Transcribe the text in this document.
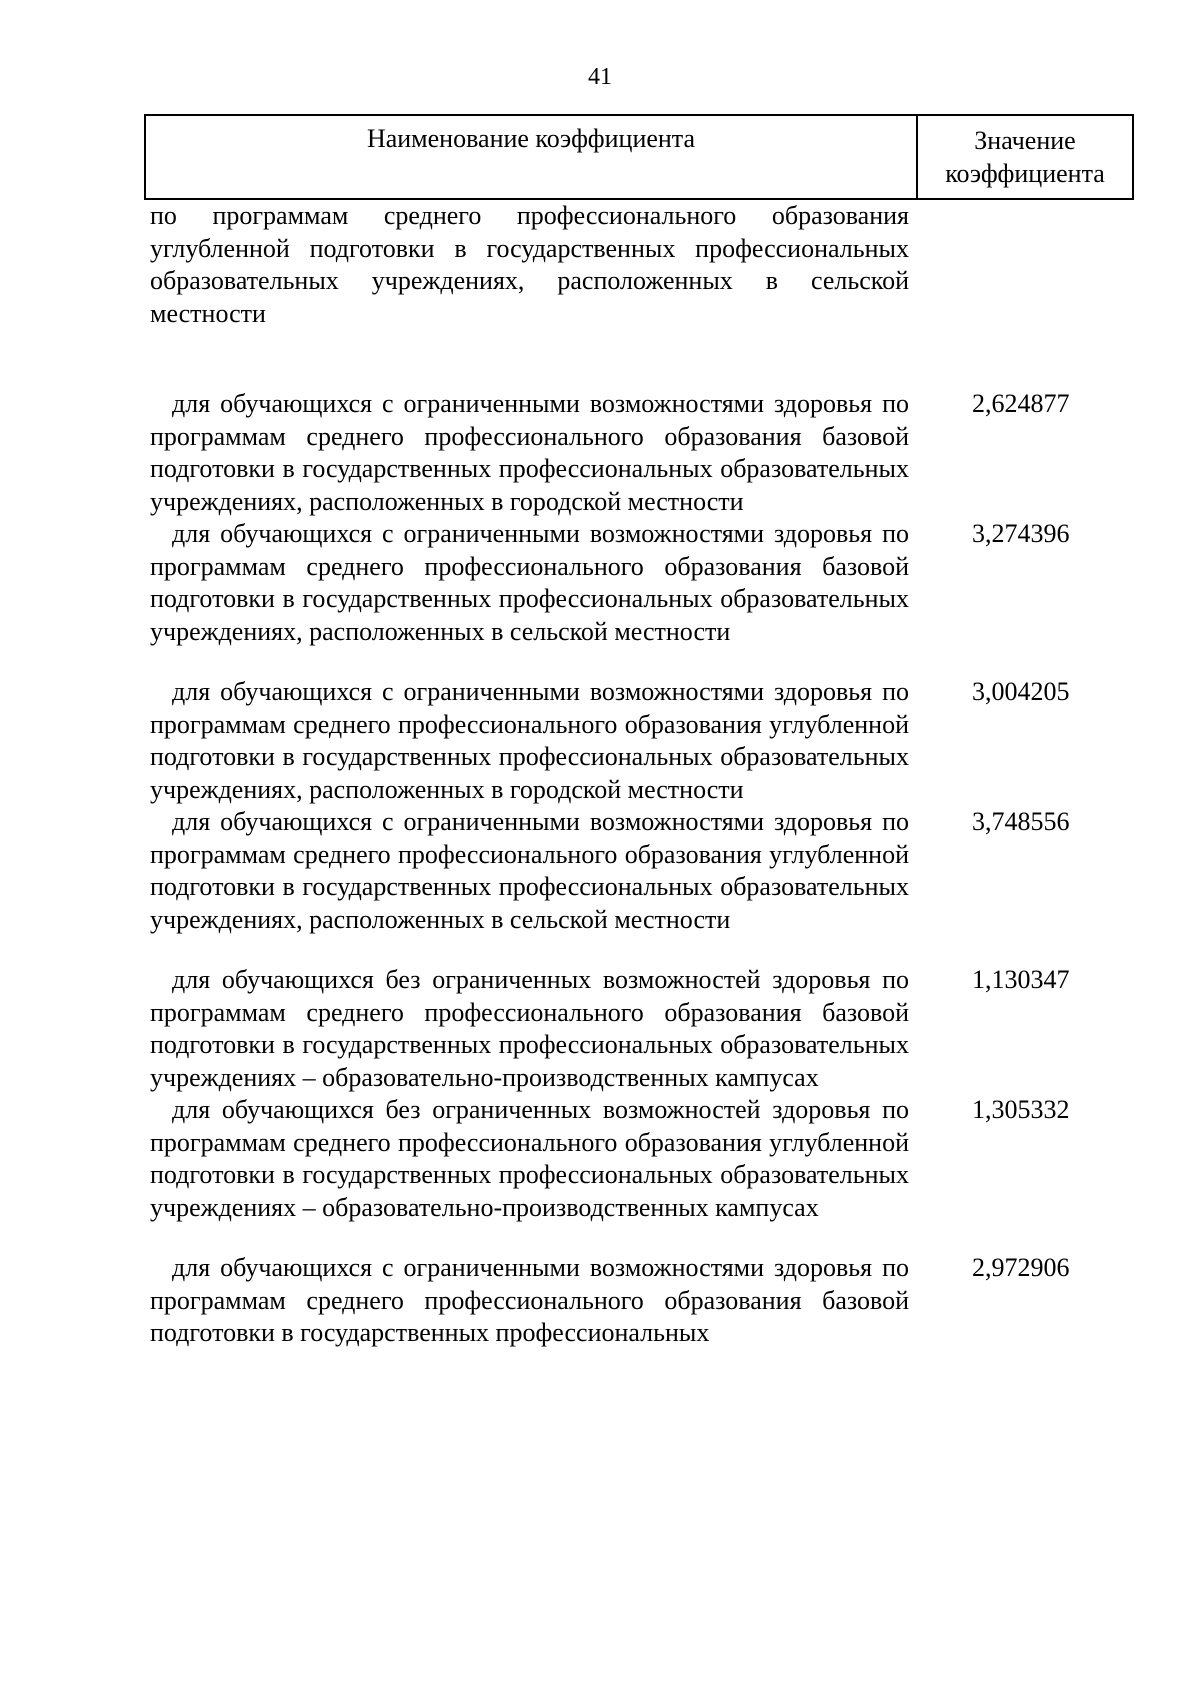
41
Наименование коэффициента	Значение
коэффициента
по программам среднего профессионального образования углубленной подготовки в государственных профессиональных образовательных учреждениях, расположенных в сельской местности
для обучающихся с ограниченными возможностями здоровья по программам среднего профессионального образования базовой подготовки в государственных профессиональных образовательных учреждениях, расположенных в городской местности
2,624877
для обучающихся с ограниченными возможностями здоровья по программам среднего профессионального образования базовой подготовки в государственных профессиональных образовательных учреждениях, расположенных в сельской местности
3,274396
для обучающихся с ограниченными возможностями здоровья по программам среднего профессионального образования углубленной подготовки в государственных профессиональных образовательных учреждениях, расположенных в городской местности
3,004205
для обучающихся с ограниченными возможностями здоровья по программам среднего профессионального образования углубленной подготовки в государственных профессиональных образовательных учреждениях, расположенных в сельской местности
3,748556
для обучающихся без ограниченных возможностей здоровья по программам среднего профессионального образования базовой подготовки в государственных профессиональных образовательных учреждениях – образовательно-производственных кампусах
1,130347
для обучающихся без ограниченных возможностей здоровья по программам среднего профессионального образования углубленной подготовки в государственных профессиональных образовательных учреждениях – образовательно-производственных кампусах
1,305332
для обучающихся с ограниченными возможностями здоровья по программам среднего профессионального образования базовой подготовки в государственных профессиональных
2,972906
